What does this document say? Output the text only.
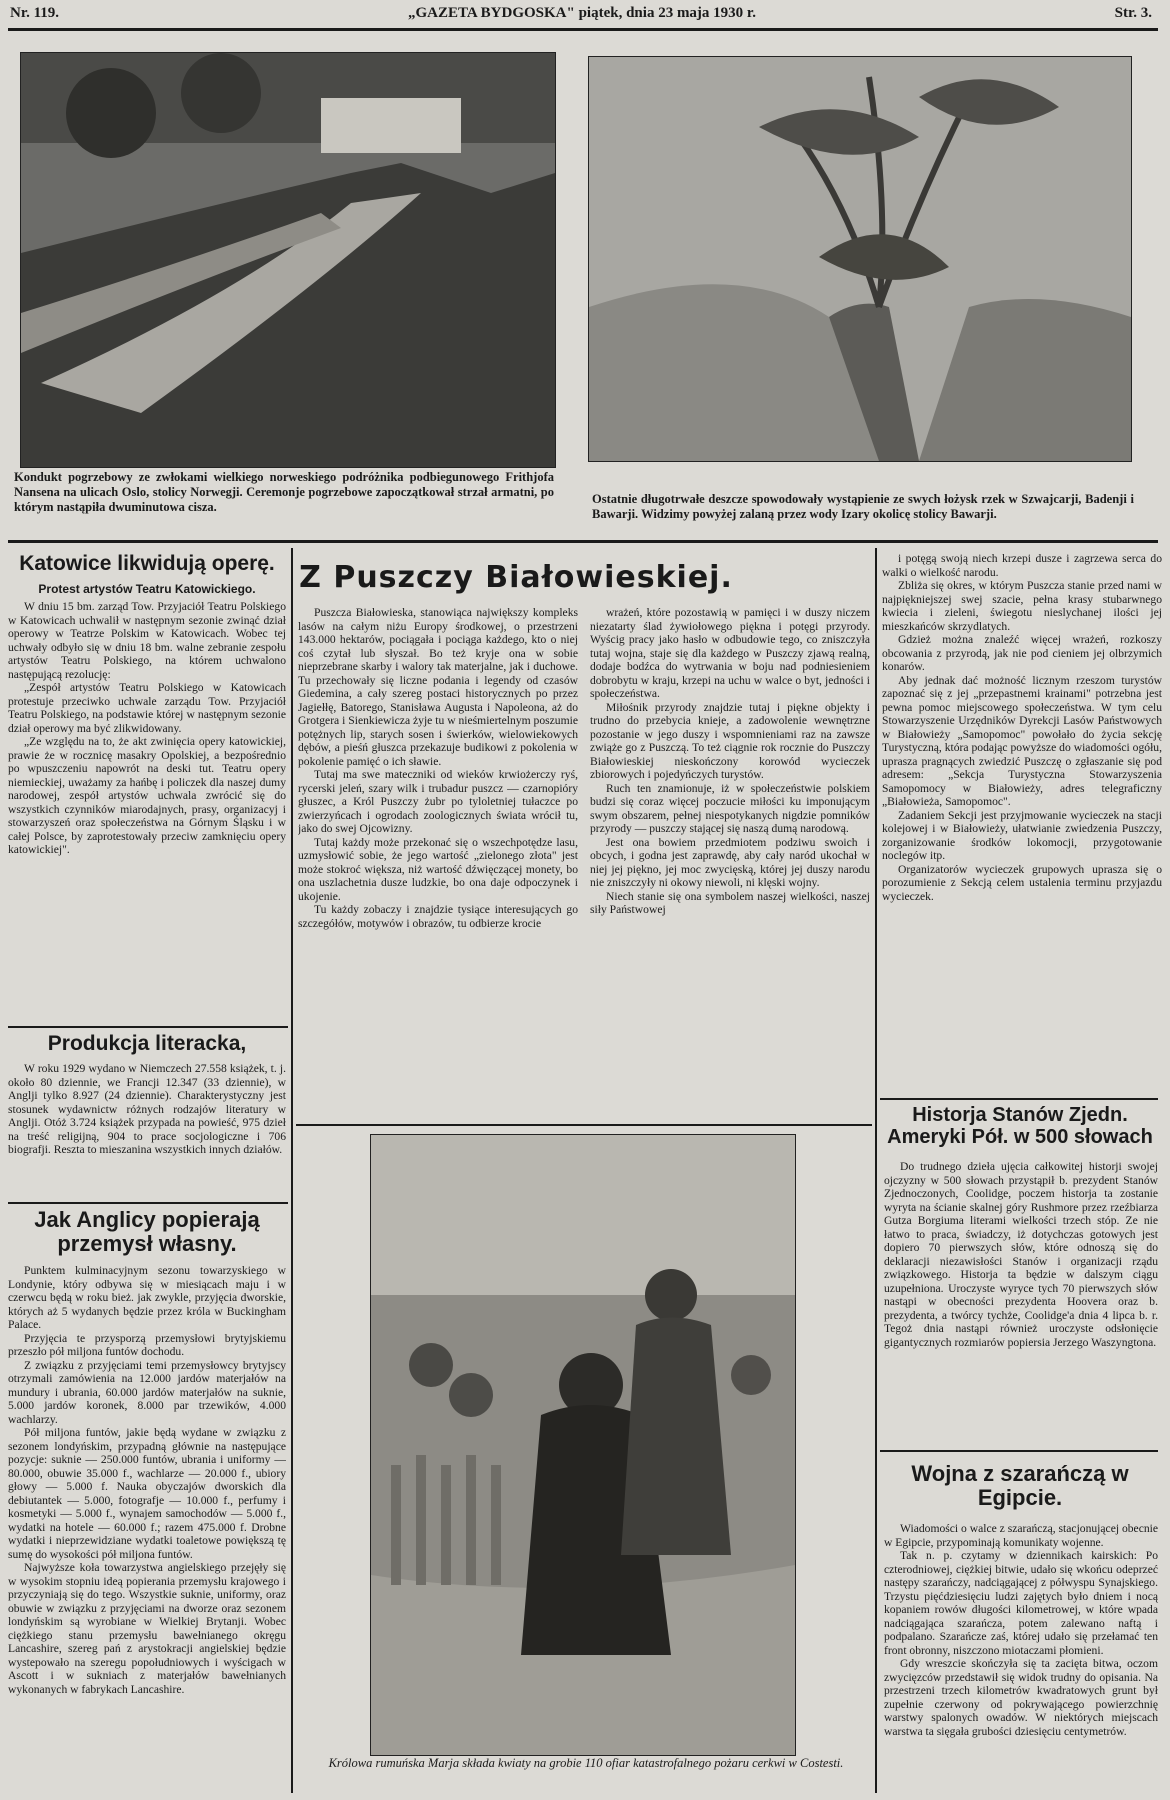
Nr. 119.	„GAZETA BYDGOSKA" piątek, dnia 23 maja 1930 r.	Str. 3.
Kondukt pogrzebowy ze zwłokami wielkiego norweskiego podróżnika podbiegunowego Frithjofa Nansena na ulicach Oslo, stolicy Norwegji. Ceremonje pogrzebowe zapoczątkował strzał armatni, po którym nastąpiła dwuminutowa cisza.
Ostatnie długotrwałe deszcze spowodowały wystąpienie ze swych łożysk rzek w Szwajcarji, Badenji i Bawarji. Widzimy powyżej zalaną przez wody Izary okolicę stolicy Bawarji.
Katowice likwidują operę.
Protest artystów Teatru Katowickiego.

W dniu 15 bm. zarząd Tow. Przyjaciół Teatru Polskiego w Katowicach uchwalił w następnym sezonie zwinąć dział operowy w Teatrze Polskim w Katowicach. Wobec tej uchwały odbyło się w dniu 18 bm. walne zebranie zespołu artystów Teatru Polskiego, na którem uchwalono następującą rezolucję:

„Zespół artystów Teatru Polskiego w Katowicach protestuje przeciwko uchwale zarządu Tow. Przyjaciół Teatru Polskiego, na podstawie której w następnym sezonie dział operowy ma być zlikwidowany.

„Ze względu na to, że akt zwinięcia opery katowickiej, prawie że w rocznicę masakry Opolskiej, a bezpośrednio po wpuszczeniu napowrót na deski tut. Teatru opery niemieckiej, uważamy za hańbę i policzek dla naszej dumy narodowej, zespół artystów uchwala zwrócić się do wszystkich czynników miarodajnych, prasy, organizacyj i stowarzyszeń oraz społeczeństwa na Górnym Śląsku i w całej Polsce, by zaprotestowały przeciw zamknięciu opery katowickiej".

Produkcja literacka,

W roku 1929 wydano w Niemczech 27.558 książek, t. j. około 80 dziennie, we Francji 12.347 (33 dziennie), w Anglji tylko 8.927 (24 dziennie). Charakterystyczny jest stosunek wydawnictw różnych rodzajów literatury w Anglji. Otóż 3.724 książek przypada na powieść, 975 dzieł na treść religijną, 904 to prace socjologiczne i 706 biografji. Reszta to mieszanina wszystkich innych działów.

Jak Anglicy popierają przemysł własny.

Punktem kulminacyjnym sezonu towarzyskiego w Londynie, który odbywa się w miesiącach maju i w czerwcu będą w roku bież. jak zwykle, przyjęcia dworskie, których aż 5 wydanych będzie przez króla w Buckingham Palace.

Przyjęcia te przysporzą przemysłowi brytyjskiemu przeszło pół miljona funtów dochodu.

Z związku z przyjęciami temi przemysłowcy brytyjscy otrzymali zamówienia na 12.000 jardów materjałów na mundury i ubrania, 60.000 jardów materjałów na suknie, 5.000 jardów koronek, 8.000 par trzewików, 4.000 wachlarzy.

Pół miljona funtów, jakie będą wydane w związku z sezonem londyńskim, przypadną głównie na następujące pozycje: suknie — 250.000 funtów, ubrania i uniformy — 80.000, obuwie 35.000 f., wachlarze — 20.000 f., ubiory głowy — 5.000 f. Nauka obyczajów dworskich dla debiutantek — 5.000, fotografje — 10.000 f., perfumy i kosmetyki — 5.000 f., wynajem samochodów — 5.000 f., wydatki na hotele — 60.000 f.; razem 475.000 f. Drobne wydatki i nieprzewidziane wydatki toaletowe powiększą tę sumę do wysokości pół miljona funtów.

Najwyższe koła towarzystwa angielskiego przejęły się w wysokim stopniu ideą popierania przemysłu krajowego i przyczyniają się do tego. Wszystkie suknie, uniformy, oraz obuwie w związku z przyjęciami na dworze oraz sezonem londyńskim są wyrobiane w Wielkiej Brytanji. Wobec ciężkiego stanu przemysłu bawełnianego okręgu Lancashire, szereg pań z arystokracji angielskiej będzie wystepowało na szeregu popołudniowych i wyścigach w Ascott i w sukniach z materjałów bawełnianych wykonanych w fabrykach Lancashire.

Z Puszczy Białowieskiej.

Puszcza Białowieska, stanowiąca największy kompleks lasów na całym niżu Europy środkowej, o przestrzeni 143.000 hektarów, pociągała i pociąga każdego, kto o niej coś czytał lub słyszał. Bo też kryje ona w sobie nieprzebrane skarby i walory tak materjalne, jak i duchowe. Tu przechowały się liczne podania i legendy od czasów Giedemina, a cały szereg postaci historycznych po przez Jagiełłę, Batorego, Stanisława Augusta i Napoleona, aż do Grotgera i Sienkiewicza żyje tu w nieśmiertelnym poszumie potężnych lip, starych sosen i świerków, wielowiekowych dębów, a pieśń głuszca przekazuje budikowi z pokolenia w pokolenie pamięć o ich sławie.

Tutaj ma swe mateczniki od wieków krwiożerczy ryś, rycerski jeleń, szary wilk i trubadur puszcz — czarnopióry głuszec, a Król Puszczy żubr po tyloletniej tułaczce po zwierzyńcach i ogrodach zoologicznych świata wrócił tu, jako do swej Ojcowizny.

Tutaj każdy może przekonać się o wszechpotędze lasu, uzmysłowić sobie, że jego wartość „zielonego złota" jest może stokroć większa, niż wartość dźwięczącej monety, bo ona uszlachetnia dusze ludzkie, bo ona daje odpoczynek i ukojenie.

Tu każdy zobaczy i znajdzie tysiące interesujących go szczegółów, motywów i obrazów, tu odbierze krocie

wrażeń, które pozostawią w pamięci i w duszy niczem niezatarty ślad żywiołowego piękna i potęgi przyrody. Wyścig pracy jako hasło w odbudowie tego, co zniszczyła tutaj wojna, staje się dla każdego w Puszczy zjawą realną, dodaje bodźca do wytrwania w boju nad podniesieniem dobrobytu w kraju, krzepi na uchu w walce o byt, jedności i społeczeństwa.

Miłośnik przyrody znajdzie tutaj i piękne objekty i trudno do przebycia knieje, a zadowolenie wewnętrzne pozostanie w jego duszy i wspomnieniami raz na zawsze zwiąże go z Puszczą. To też ciągnie rok rocznie do Puszczy Białowieskiej nieskończony korowód wycieczek zbiorowych i pojedyńczych turystów.

Ruch ten znamionuje, iż w społeczeństwie polskiem budzi się coraz więcej poczucie miłości ku imponującym swym obszarem, pełnej niespotykanych nigdzie pomników przyrody — puszczy stającej się naszą dumą narodową.

Jest ona bowiem przedmiotem podziwu swoich i obcych, i godna jest zaprawdę, aby cały naród ukochał w niej jej piękno, jej moc zwycięską, której jej duszy narodu nie zniszczyły ni okowy niewoli, ni klęski wojny.

Niech stanie się ona symbolem naszej wielkości, naszej siły Państwowej

i potęgą swoją niech krzepi dusze i zagrzewa serca do walki o wielkość narodu.

Zbliża się okres, w którym Puszcza stanie przed nami w najpiękniejszej swej szacie, pełna krasy stubarwnego kwiecia i zieleni, świegotu nieslychanej ilości jej mieszkańców skrzydlatych.

Gdzież można znaleźć więcej wrażeń, rozkoszy obcowania z przyrodą, jak nie pod cieniem jej olbrzymich konarów.

Aby jednak dać możność licznym rzeszom turystów zapoznać się z jej „przepastnemi krainami" potrzebna jest pewna pomoc miejscowego społeczeństwa. W tym celu Stowarzyszenie Urzędników Dyrekcji Lasów Państwowych w Białowieży „Samopomoc" powołało do życia sekcję Turystyczną, która podając powyższe do wiadomości ogółu, uprasza pragnących zwiedzić Puszczę o zgłaszanie się pod adresem: „Sekcja Turystyczna Stowarzyszenia Samopomocy w Białowieży, adres telegraficzny „Białowieża, Samopomoc".

Zadaniem Sekcji jest przyjmowanie wycieczek na stacji kolejowej i w Białowieży, ułatwianie zwiedzenia Puszczy, zorganizowanie środków lokomocji, przygotowanie noclegów itp.

Organizatorów wycieczek grupowych uprasza się o porozumienie z Sekcją celem ustalenia terminu przyjazdu wycieczek.

Królowa rumuńska Marja składa kwiaty na grobie 110 ofiar katastrofalnego pożaru cerkwi w Costesti.
Historja Stanów Zjedn. Ameryki Pół. w 500 słowach

Do trudnego dzieła ujęcia całkowitej historji swojej ojczyzny w 500 słowach przystąpił b. prezydent Stanów Zjednoczonych, Coolidge, poczem historja ta zostanie wyryta na ścianie skalnej góry Rushmore przez rzeźbiarza Gutza Borgiuma literami wielkości trzech stóp. Ze nie łatwo to praca, świadczy, iż dotychczas gotowych jest dopiero 70 pierwszych słów, które odnoszą się do deklaracji niezawisłości Stanów i organizacji rządu związkowego. Historja ta będzie w dalszym ciągu uzupełniona. Uroczyste wyryce tych 70 pierwszych słów nastąpi w obecności prezydenta Hoovera oraz b. prezydenta, a twórcy tychże, Coolidge'a dnia 4 lipca b. r. Tegoż dnia nastąpi również uroczyste odsłonięcie gigantycznych rozmiarów popiersia Jerzego Waszyngtona.

Wojna z szarańczą w Egipcie.

Wiadomości o walce z szarańczą, stacjonującej obecnie w Egipcie, przypominają komunikaty wojenne.

Tak n. p. czytamy w dziennikach kairskich: Po czterodniowej, ciężkiej bitwie, udało się wkońcu odeprzeć następy szarańczy, nadciągającej z półwyspu Synajskiego. Trzystu pięćdziesięciu ludzi zajętych było dniem i nocą kopaniem rowów długości kilometrowej, w które wpada nadciągająca szarańcza, potem zalewano naftą i podpalano. Szarańcze zaś, której udało się przełamać ten front obronny, niszczono miotaczami płomieni.

Gdy wreszcie skończyła się ta zacięta bitwa, oczom zwycięzców przedstawił się widok trudny do opisania. Na przestrzeni trzech kilometrów kwadratowych grunt był zupełnie czerwony od pokrywającego powierzchnię warstwy spalonych owadów. W niektórych miejscach warstwa ta sięgała grubości dziesięciu centymetrów.
